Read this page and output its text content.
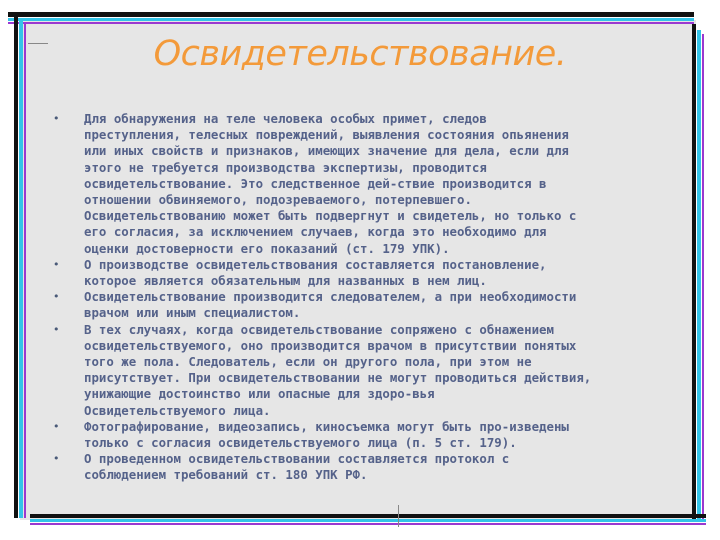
Освидетельствование.
• Для обнаружения на теле человека особых примет, следов
преступления, телесных повреждений, выявления состояния опьянения
или иных свойств и признаков, имеющих значение для дела, если для
этого не требуется производства экспертизы, проводится
освидетельствование. Это следственное дей-ствие производится в
отношении обвиняемого, подозреваемого, потерпевшего.
Освидетельствованию может быть подвергнут и свидетель, но только с
его согласия, за исключением случаев, когда это необходимо для
оценки достоверности его показаний (ст. 179 УПК).
• О производстве освидетельствования составляется постановление,
которое является обязательным для названных в нем лиц.
• Освидетельствование производится следователем, а при необходимости
врачом или иным специалистом.
• В тех случаях, когда освидетельствование сопряжено с обнажением
освидетельствуемого, оно производится врачом в присутствии понятых
того же пола. Следователь, если он другого пола, при этом не
присутствует. При освидетельствовании не могут проводиться действия,
унижающие достоинство или опасные для здоро-вья
Освидетельствуемого лица.
• Фотографирование, видеозапись, киносъемка могут быть про-изведены
только с согласия освидетельствуемого лица (п. 5 ст. 179).
• О проведенном освидетельствовании составляется протокол с
соблюдением требований ст. 180 УПК РФ.
